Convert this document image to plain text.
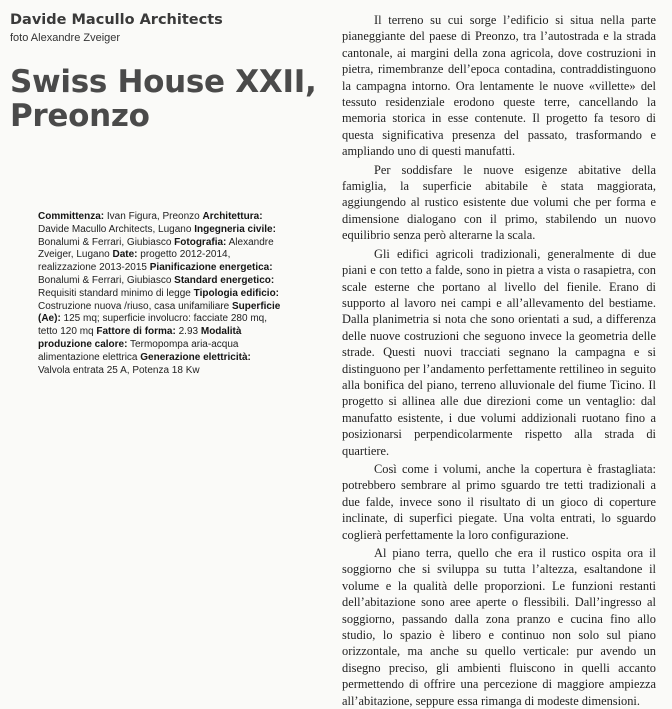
Davide Macullo Architects

foto Alexandre Zveiger

Swiss House XXII,
Preonzo

Committenza: Ivan Figura, Preonzo Architettura: Davide Macullo Architects, Lugano Ingegneria civile: Bonalumi & Ferrari, Giubiasco Fotografia: Alexandre Zveiger, Lugano Date: progetto 2012-2014, realizzazione 2013-2015 Pianificazione energetica: Bonalumi & Ferrari, Giubiasco Standard energetico: Requisiti standard minimo di legge Tipologia edificio: Costruzione nuova /riuso, casa unifamiliare Superficie (Ae): 125 mq; superficie involucro: facciate 280 mq, tetto 120 mq Fattore di forma: 2.93 Modalità produzione calore: Termopompa aria-acqua alimentazione elettrica Generazione elettricità: Valvola entrata 25 A, Potenza 18 Kw

Il terreno su cui sorge l’edificio si situa nella parte pianeggiante del paese di Preonzo, tra l’autostrada e la strada cantonale, ai margini della zona agricola, dove costruzioni in pietra, rimembranze dell’epoca contadina, contraddistinguono la campagna intorno. Ora lentamente le nuove «villette» del tessuto residenziale erodono queste terre, cancellando la memoria storica in esse contenute. Il progetto fa tesoro di questa significativa presenza del passato, trasformando e ampliando uno di questi manufatti.

Per soddisfare le nuove esigenze abitative della famiglia, la superficie abitabile è stata maggiorata, aggiungendo al rustico esistente due volumi che per forma e dimensione dialogano con il primo, stabilendo un nuovo equilibrio senza però alterarne la scala.

Gli edifici agricoli tradizionali, generalmente di due piani e con tetto a falde, sono in pietra a vista o rasapietra, con scale esterne che portano al livello del fienile. Erano di supporto al lavoro nei campi e all’allevamento del bestiame. Dalla planimetria si nota che sono orientati a sud, a differenza delle nuove costruzioni che seguono invece la geometria delle strade. Questi nuovi tracciati segnano la campagna e si distinguono per l’andamento perfettamente rettilineo in seguito alla bonifica del piano, terreno alluvionale del fiume Ticino. Il progetto si allinea alle due direzioni come un ventaglio: dal manufatto esistente, i due volumi addizionali ruotano fino a posizionarsi perpendicolarmente rispetto alla strada di quartiere.

Così come i volumi, anche la copertura è frastagliata: potrebbero sembrare al primo sguardo tre tetti tradizionali a due falde, invece sono il risultato di un gioco di coperture inclinate, di superfici piegate. Una volta entrati, lo sguardo coglierà perfettamente la loro configurazione.

Al piano terra, quello che era il rustico ospita ora il soggiorno che si sviluppa su tutta l’altezza, esaltandone il volume e la qualità delle proporzioni. Le funzioni restanti dell’abitazione sono aree aperte o flessibili. Dall’ingresso al soggiorno, passando dalla zona pranzo e cucina fino allo studio, lo spazio è libero e continuo non solo sul piano orizzontale, ma anche su quello verticale: pur avendo un disegno preciso, gli ambienti fluiscono in quelli accanto permettendo di offrire una percezione di maggiore ampiezza all’abitazione, seppure essa rimanga di modeste dimensioni.
